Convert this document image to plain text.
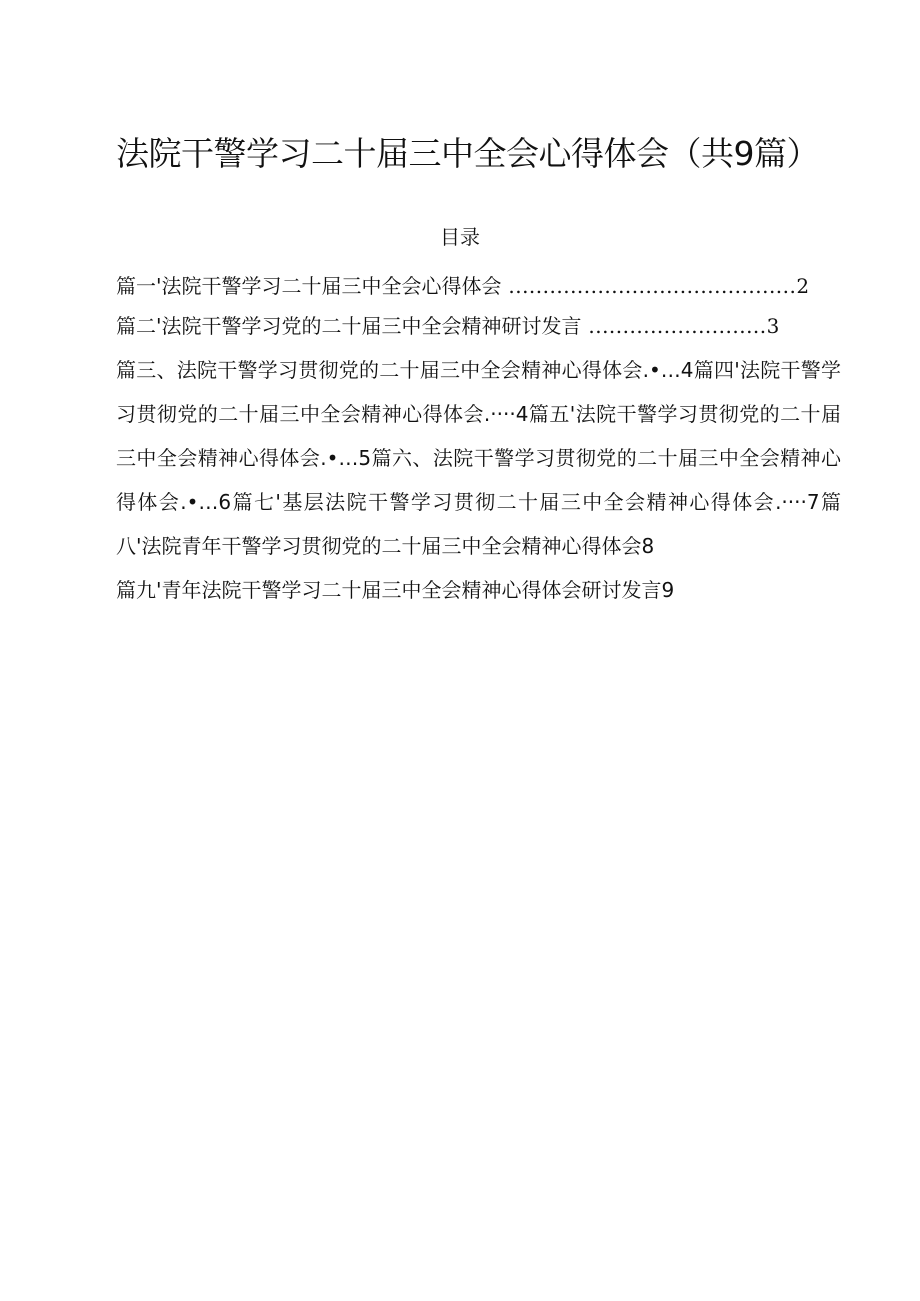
法院干警学习二十届三中全会心得体会（共9篇）
目录
篇一'法院干警学习二十届三中全会心得体会 ..........................................2
篇二'法院干警学习党的二十届三中全会精神研讨发言 ..........................3
篇三、法院干警学习贯彻党的二十届三中全会精神心得体会.•…4篇四'法院干警学习贯彻党的二十届三中全会精神心得体会.····4篇五'法院干警学习贯彻党的二十届三中全会精神心得体会.•…5篇六、法院干警学习贯彻党的二十届三中全会精神心得体会.•…6篇七'基层法院干警学习贯彻二十届三中全会精神心得体会.····7篇八'法院青年干警学习贯彻党的二十届三中全会精神心得体会8
篇九'青年法院干警学习二十届三中全会精神心得体会研讨发言9
